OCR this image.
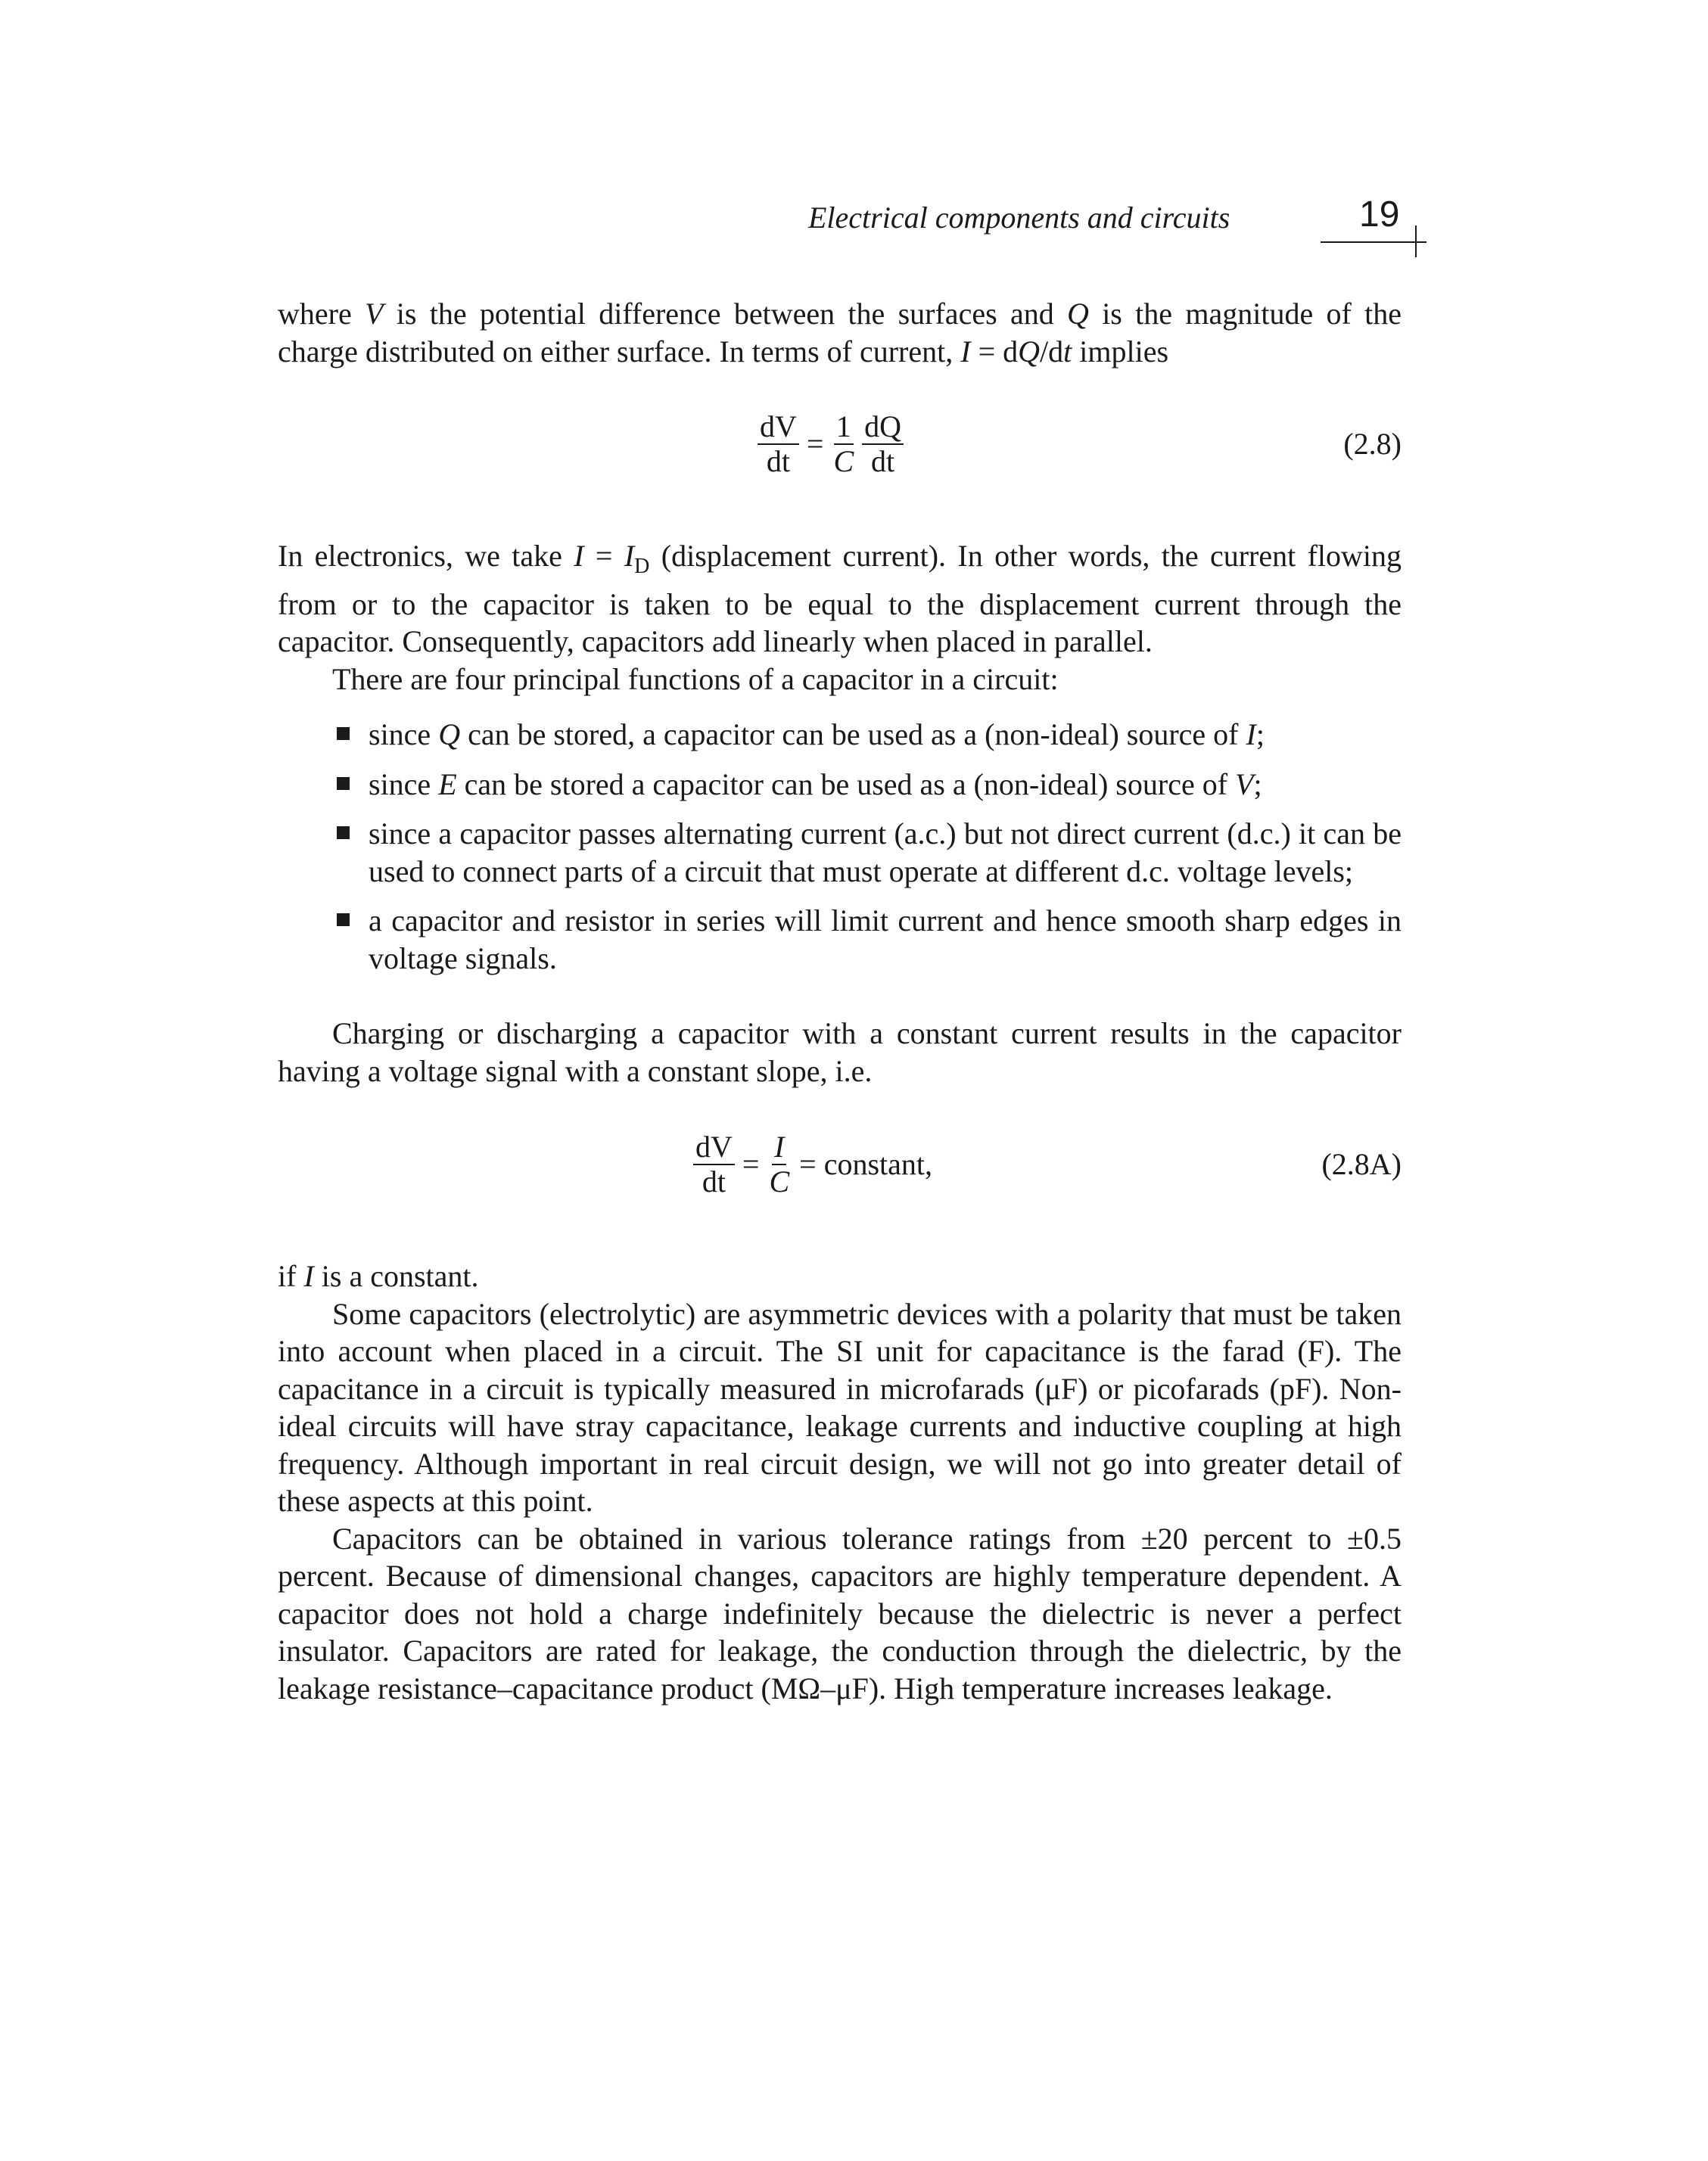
Electrical components and circuits	19

where V is the potential difference between the surfaces and Q is the magnitude of the charge distributed on either surface. In terms of current, I = dQ/dt implies

$\frac{dV}{dt} = \frac{1}{C} \frac{dQ}{dt}$	(2.8)

In electronics, we take $I = I_D$ (displacement current). In other words, the current flowing from or to the capacitor is taken to be equal to the displacement current through the capacitor. Consequently, capacitors add linearly when placed in parallel.

There are four principal functions of a capacitor in a circuit:

since Q can be stored, a capacitor can be used as a (non-ideal) source of I;
since E can be stored a capacitor can be used as a (non-ideal) source of V;
since a capacitor passes alternating current (a.c.) but not direct current (d.c.) it can be used to connect parts of a circuit that must operate at different d.c. voltage levels;
a capacitor and resistor in series will limit current and hence smooth sharp edges in voltage signals.

Charging or discharging a capacitor with a constant current results in the capacitor having a voltage signal with a constant slope, i.e.

$\frac{dV}{dt} = \frac{I}{C}$ = constant,	(2.8A)

if I is a constant.

Some capacitors (electrolytic) are asymmetric devices with a polarity that must be taken into account when placed in a circuit. The SI unit for capacitance is the farad (F). The capacitance in a circuit is typically measured in microfarads (μF) or picofarads (pF). Non-ideal circuits will have stray capacitance, leakage currents and inductive coupling at high frequency. Although important in real circuit design, we will not go into greater detail of these aspects at this point.

Capacitors can be obtained in various tolerance ratings from ±20 percent to ±0.5 percent. Because of dimensional changes, capacitors are highly temperature dependent. A capacitor does not hold a charge indefinitely because the dielectric is never a perfect insulator. Capacitors are rated for leakage, the conduction through the dielectric, by the leakage resistance–capacitance product (MΩ–μF). High temperature increases leakage.
